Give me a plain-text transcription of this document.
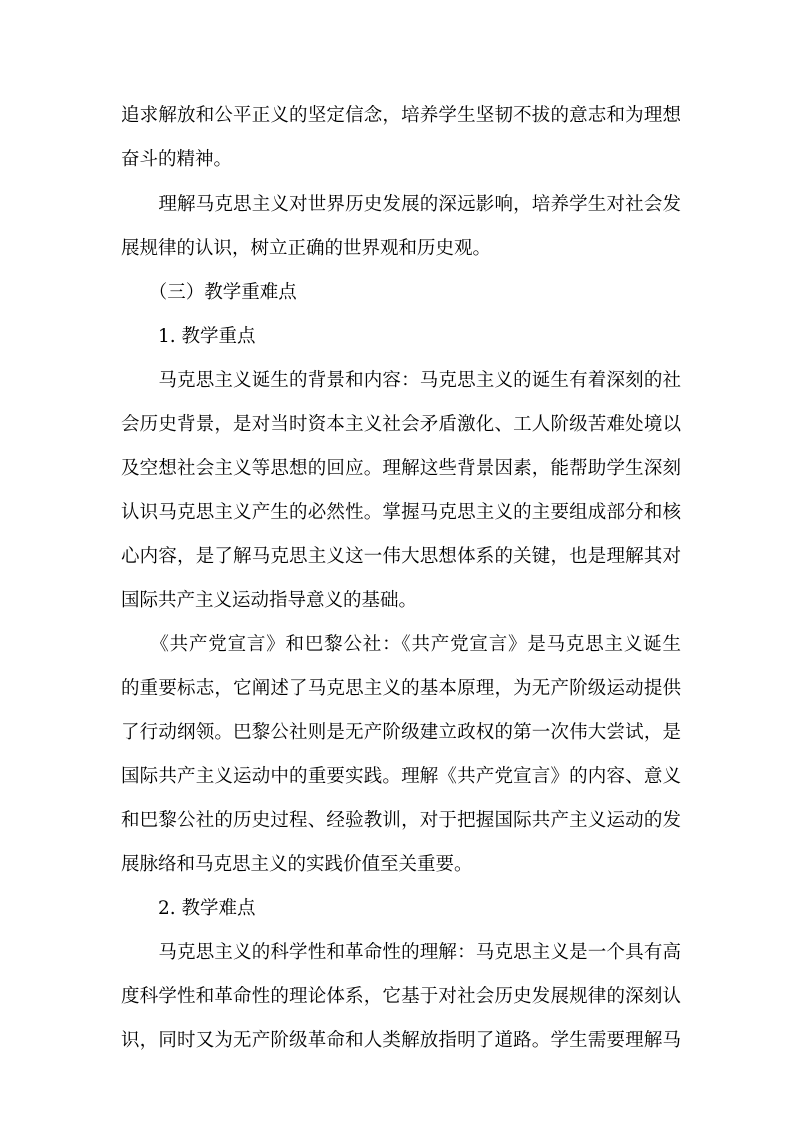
追求解放和公平正义的坚定信念，培养学生坚韧不拔的意志和为理想
奋斗的精神。
　　理解马克思主义对世界历史发展的深远影响，培养学生对社会发
展规律的认识，树立正确的世界观和历史观。
　　（三）教学重难点
　　1. 教学重点
　　马克思主义诞生的背景和内容：马克思主义的诞生有着深刻的社
会历史背景，是对当时资本主义社会矛盾激化、工人阶级苦难处境以
及空想社会主义等思想的回应。理解这些背景因素，能帮助学生深刻
认识马克思主义产生的必然性。掌握马克思主义的主要组成部分和核
心内容，是了解马克思主义这一伟大思想体系的关键，也是理解其对
国际共产主义运动指导意义的基础。
　　《共产党宣言》和巴黎公社：《共产党宣言》是马克思主义诞生
的重要标志，它阐述了马克思主义的基本原理，为无产阶级运动提供
了行动纲领。巴黎公社则是无产阶级建立政权的第一次伟大尝试，是
国际共产主义运动中的重要实践。理解《共产党宣言》的内容、意义
和巴黎公社的历史过程、经验教训，对于把握国际共产主义运动的发
展脉络和马克思主义的实践价值至关重要。
　　2. 教学难点
　　马克思主义的科学性和革命性的理解：马克思主义是一个具有高
度科学性和革命性的理论体系，它基于对社会历史发展规律的深刻认
识，同时又为无产阶级革命和人类解放指明了道路。学生需要理解马
